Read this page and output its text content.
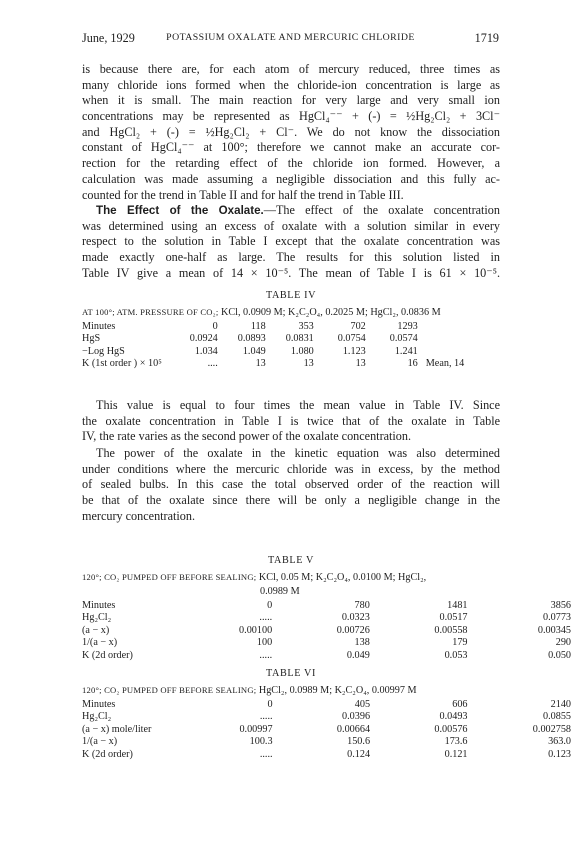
June, 1929	POTASSIUM OXALATE AND MERCURIC CHLORIDE	1719
is because there are, for each atom of mercury reduced, three times as
many chloride ions formed when the chloride-ion concentration is large as
when it is small. The main reaction for very large and very small ion
concentrations may be represented as HgCl₄⁻⁻ + (-) = ½Hg₂Cl₂ + 3Cl⁻
and HgCl₂ + (-) = ½Hg₂Cl₂ + Cl⁻. We do not know the dissociation
constant of HgCl₄⁻⁻ at 100°; therefore we cannot make an accurate cor-
rection for the retarding effect of the chloride ion formed. However, a
calculation was made assuming a negligible dissociation and this fully ac-
counted for the trend in Table II and for half the trend in Table III.
The Effect of the Oxalate.—The effect of the oxalate concentration
was determined using an excess of oxalate with a solution similar in every
respect to the solution in Table I except that the oxalate concentration was
made exactly one-half as large. The results for this solution listed in
Table IV give a mean of 14 × 10⁻⁵. The mean of Table I is 61 × 10⁻⁵.
TABLE IV
AT 100°; ATM. PRESSURE OF CO₂; KCl, 0.0909 M; K₂C₂O₄, 0.2025 M; HgCl₂, 0.0836 M
Minutes	0	118	353	702	1293	
HgS	0.0924	0.0893	0.0831	0.0754	0.0574	
−Log HgS	1.034	1.049	1.080	1.123	1.241	
K (1st order ) × 10⁵	....	13	13	13	16	Mean, 14
This value is equal to four times the mean value in Table IV. Since
the oxalate concentration in Table I is twice that of the oxalate in Table
IV, the rate varies as the second power of the oxalate concentration.
The power of the oxalate in the kinetic equation was also determined
under conditions where the mercuric chloride was in excess, by the method
of sealed bulbs. In this case the total observed order of the reaction will
be that of the oxalate since there will be only a negligible change in the
mercury concentration.
TABLE V
120°; CO₂ PUMPED OFF BEFORE SEALING; KCl, 0.05 M; K₂C₂O₄, 0.0100 M; HgCl₂,
0.0989 M
Minutes	0	780	1481	3856
Hg₂Cl₂	.....	0.0323	0.0517	0.0773
(a − x)	0.00100	0.00726	0.00558	0.00345
1/(a − x)	100	138	179	290
K (2d order)	.....	0.049	0.053	0.050
TABLE VI
120°; CO₂ PUMPED OFF BEFORE SEALING; HgCl₂, 0.0989 M; K₂C₂O₄, 0.00997 M
Minutes	0	405	606	2140
Hg₂Cl₂	.....	0.0396	0.0493	0.0855
(a − x) mole/liter	0.00997	0.00664	0.00576	0.002758
1/(a − x)	100.3	150.6	173.6	363.0
K (2d order)	.....	0.124	0.121	0.123
